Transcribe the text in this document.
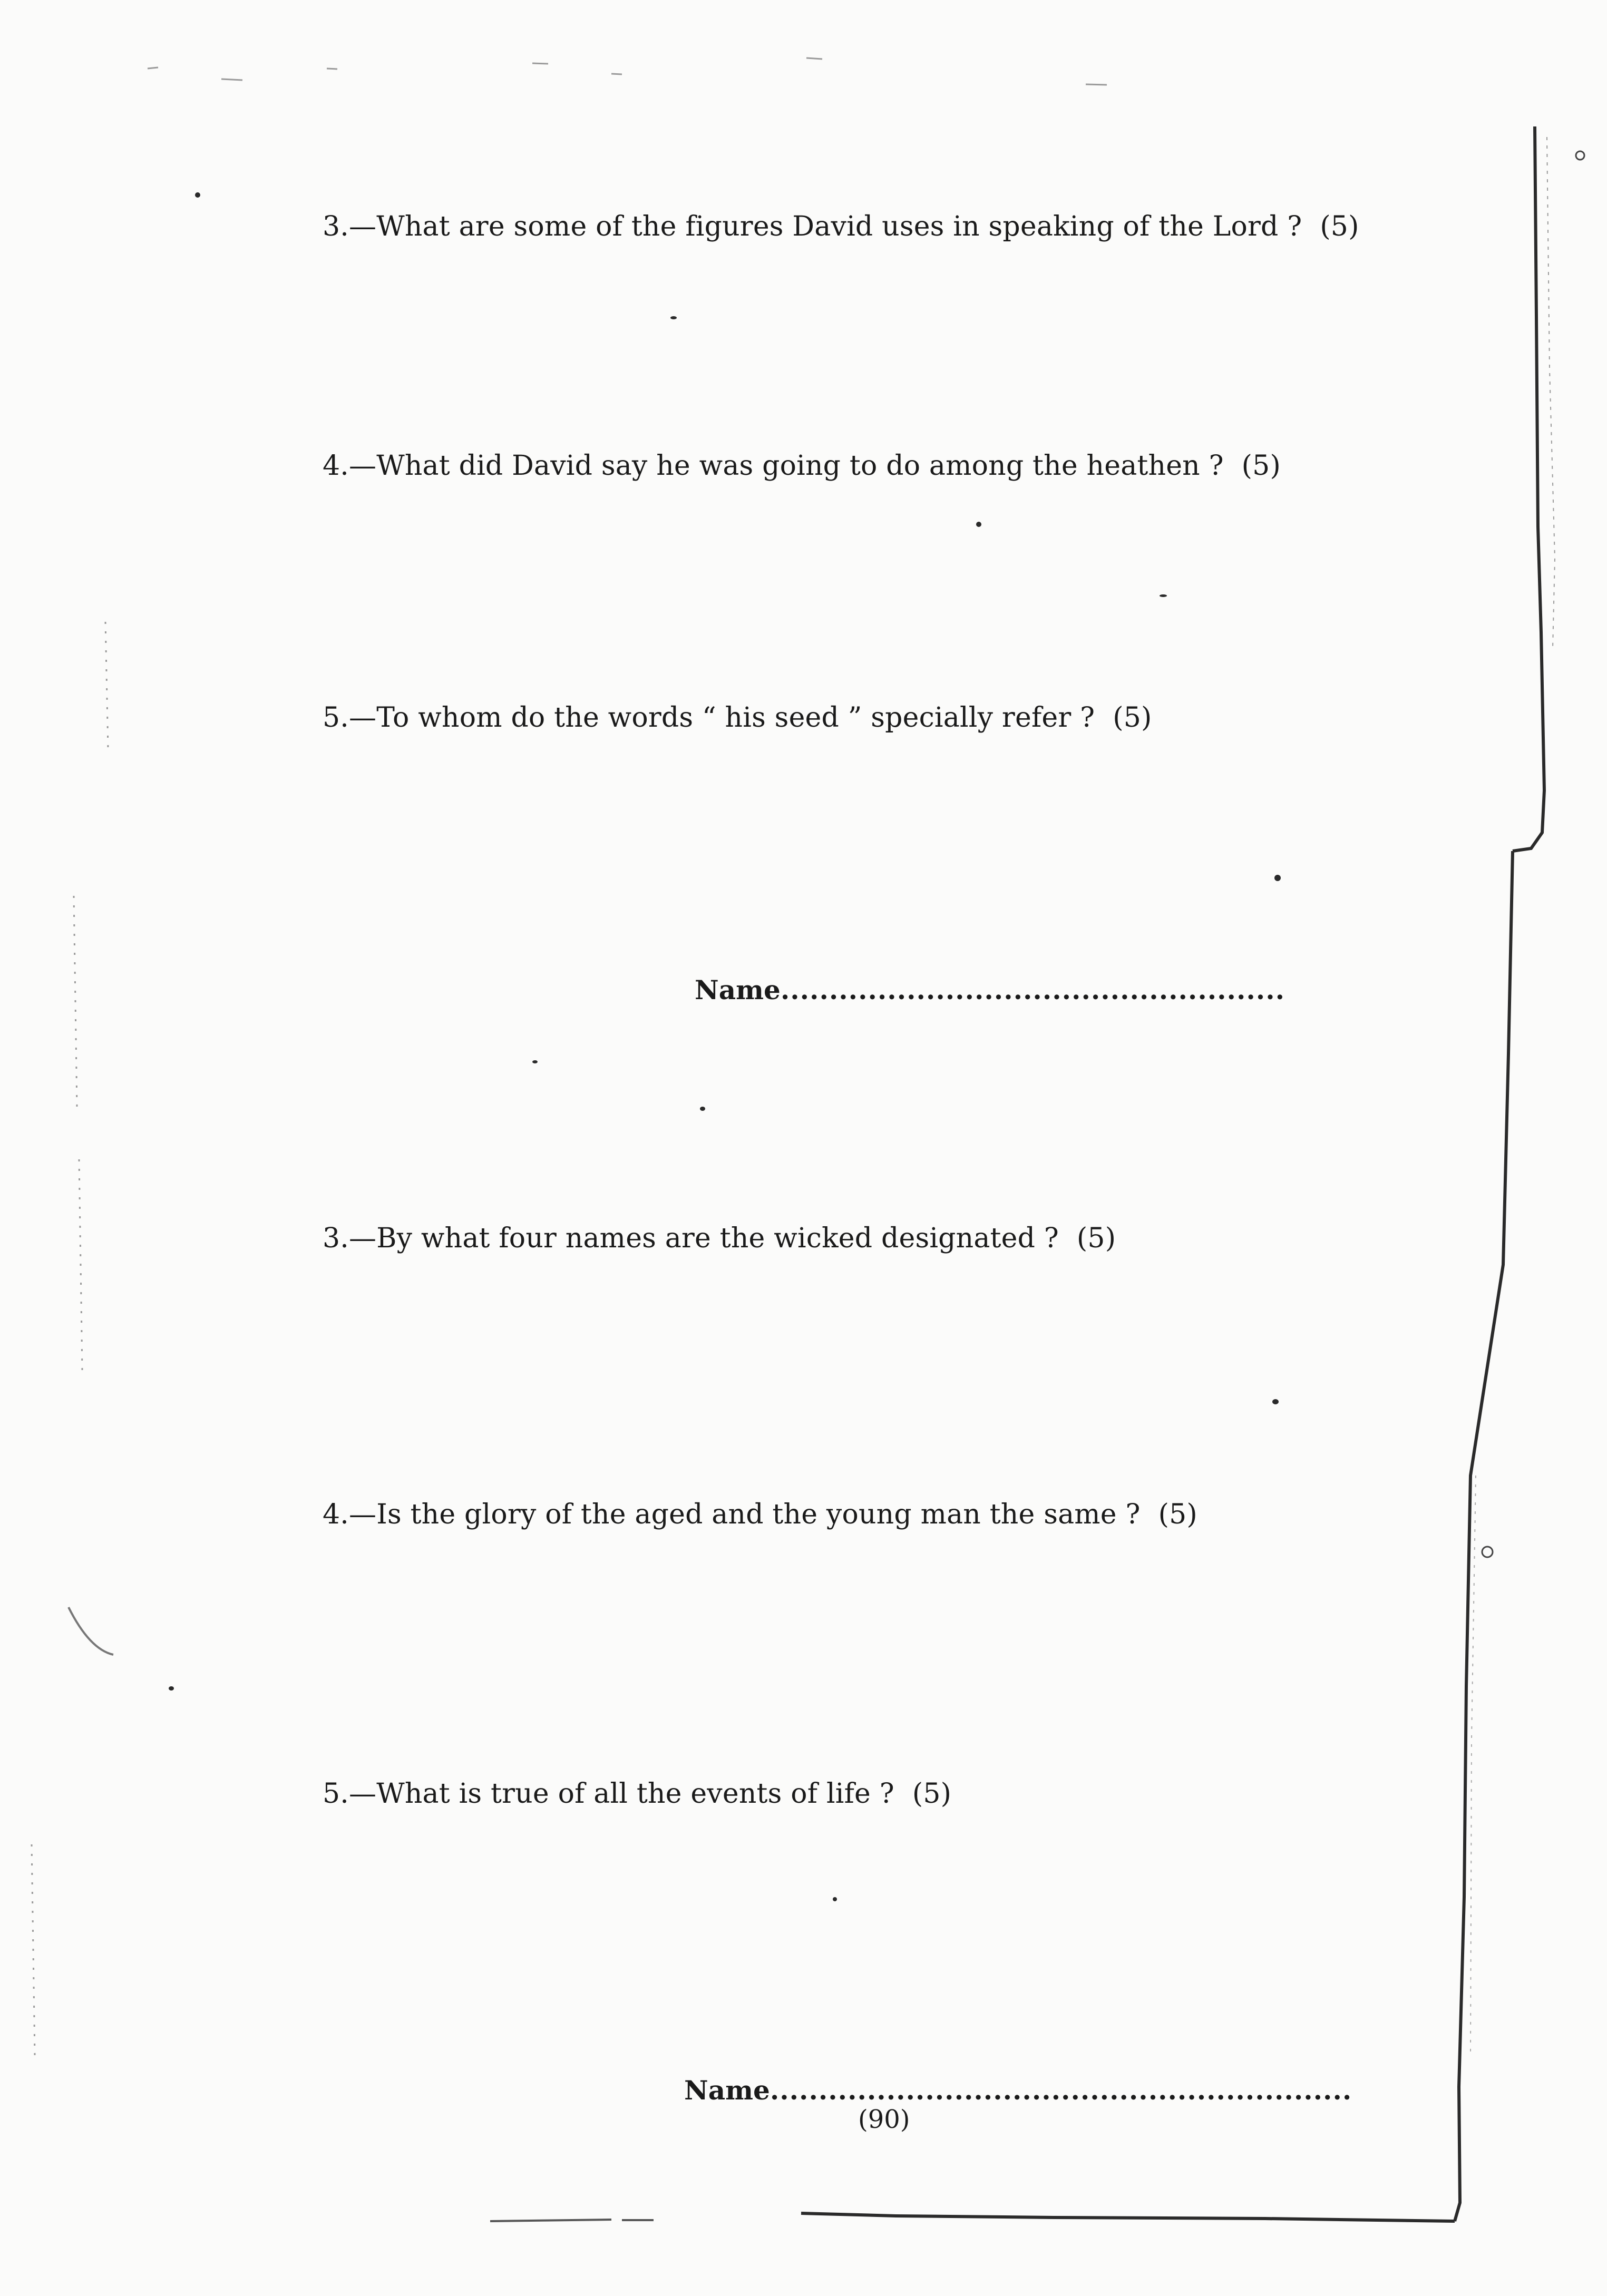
3.—What are some of the figures David uses in speaking of the Lord ? (5)
4.—What did David say he was going to do among the heathen ? (5)
5.—To whom do the words “ his seed ” specially refer ? (5)
Name....................................................
3.—By what four names are the wicked designated ? (5)
4.—Is the glory of the aged and the young man the same ? (5)
5.—What is true of all the events of life ? (5)
Name............................................................
(90)
